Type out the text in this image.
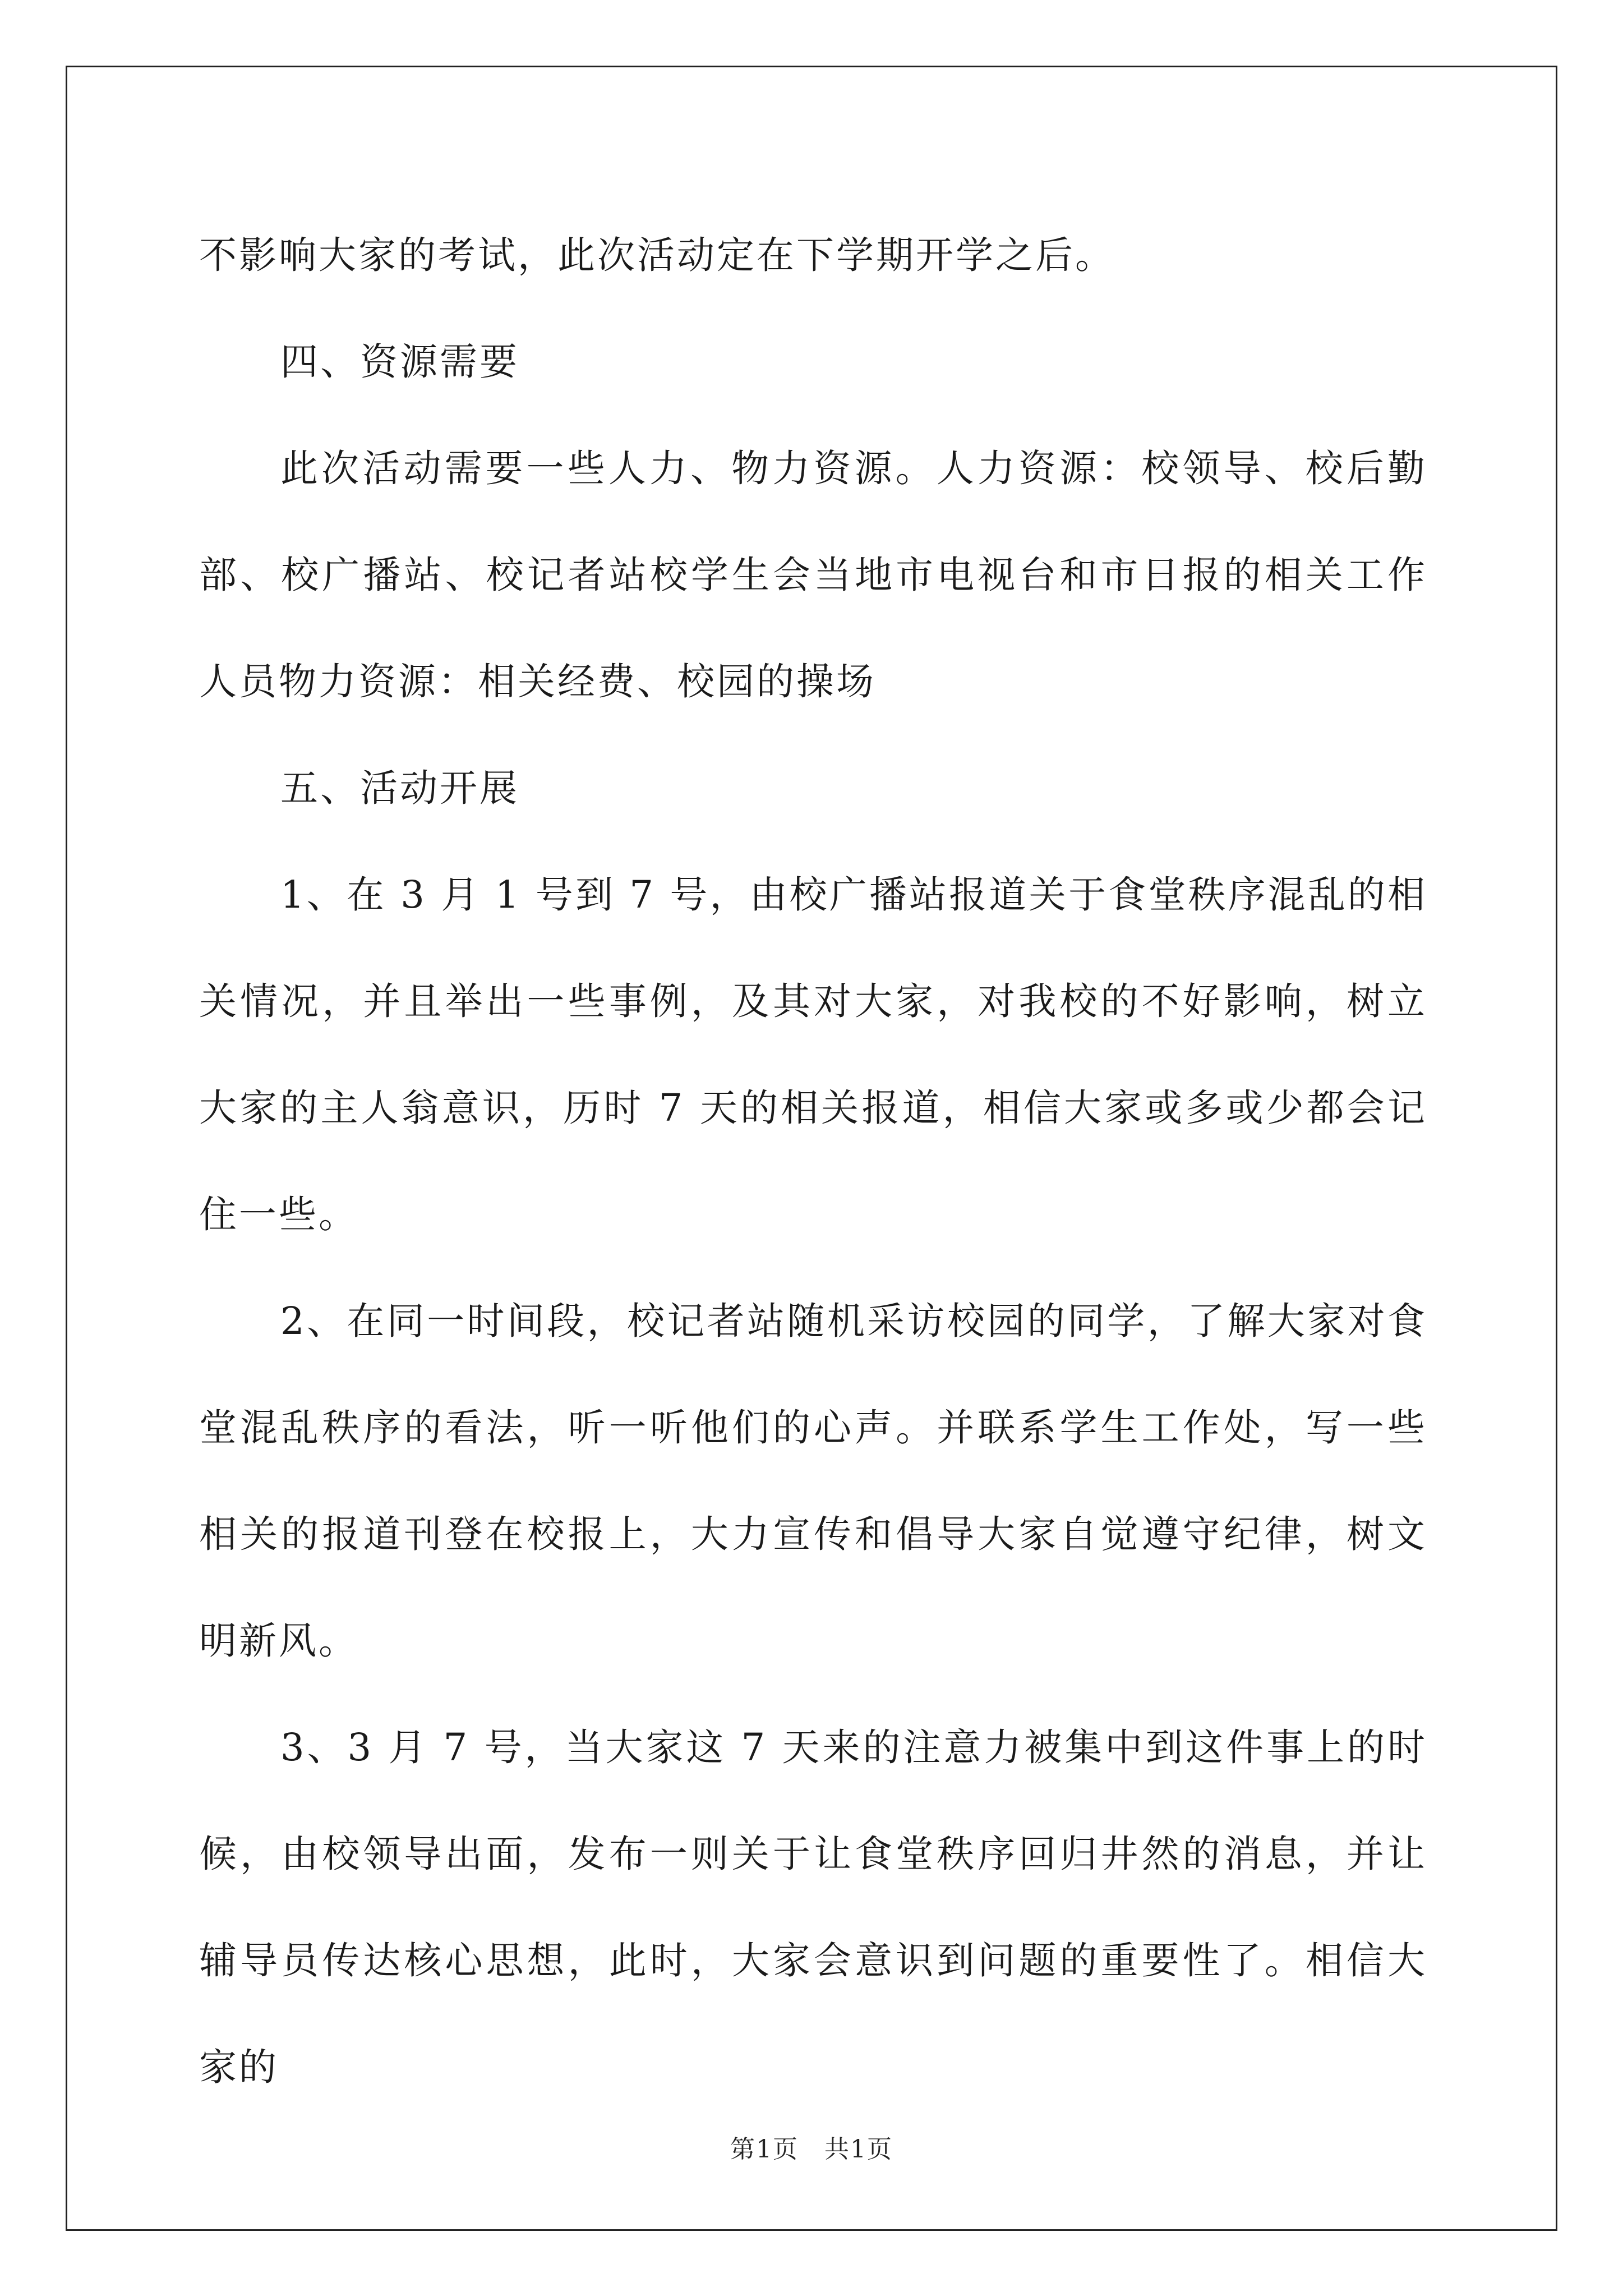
不影响大家的考试，此次活动定在下学期开学之后。

四、资源需要

此次活动需要一些人力、物力资源。人力资源：校领导、校后勤部、校广播站、校记者站校学生会当地市电视台和市日报的相关工作人员物力资源：相关经费、校园的操场

五、活动开展

1、在 3 月 1 号到 7 号，由校广播站报道关于食堂秩序混乱的相关情况，并且举出一些事例，及其对大家，对我校的不好影响，树立大家的主人翁意识，历时 7 天的相关报道，相信大家或多或少都会记住一些。

2、在同一时间段，校记者站随机采访校园的同学，了解大家对食堂混乱秩序的看法，听一听他们的心声。并联系学生工作处，写一些相关的报道刊登在校报上，大力宣传和倡导大家自觉遵守纪律，树文明新风。

3、3 月 7 号，当大家这 7 天来的注意力被集中到这件事上的时候，由校领导出面，发布一则关于让食堂秩序回归井然的消息，并让辅导员传达核心思想，此时，大家会意识到问题的重要性了。相信大家的

第1页　共1页
